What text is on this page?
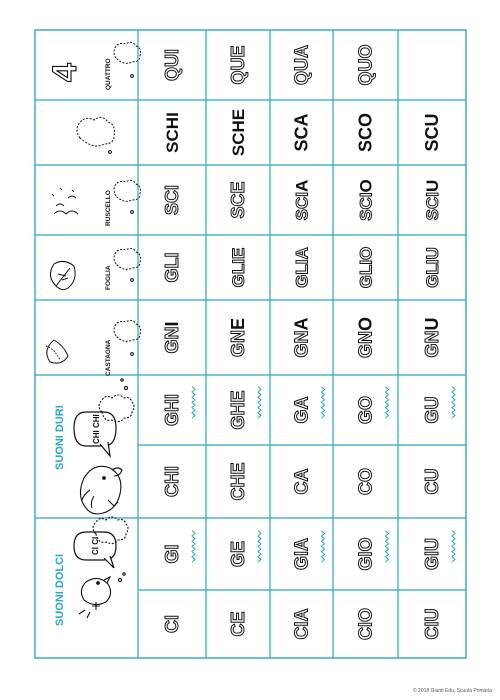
SUONI DOLCI
CI CI
SUONI DURI	CHI CHI
CASTAGNA
FOGLIA
RUSCELLO
4	QUATTRO
CI
GI
CHI
GHI
GNI
GLI
SCI
SCHI
QUI
CE
GE
CHE
GHE
GNE
GLIE
SCE
SCHE
QUE
CIA
GIA
CA
GA
GNA
GLIA
SCIA
SCA
QUA
CIO
GIO
CO
GO
GNO
GLIO
SCIO
SCO
QUO
CIU
GIU
CU
GU
GNU
GLIU
SCIU
SCU
© 2018 Giunti Edu, Scuola Primaria
